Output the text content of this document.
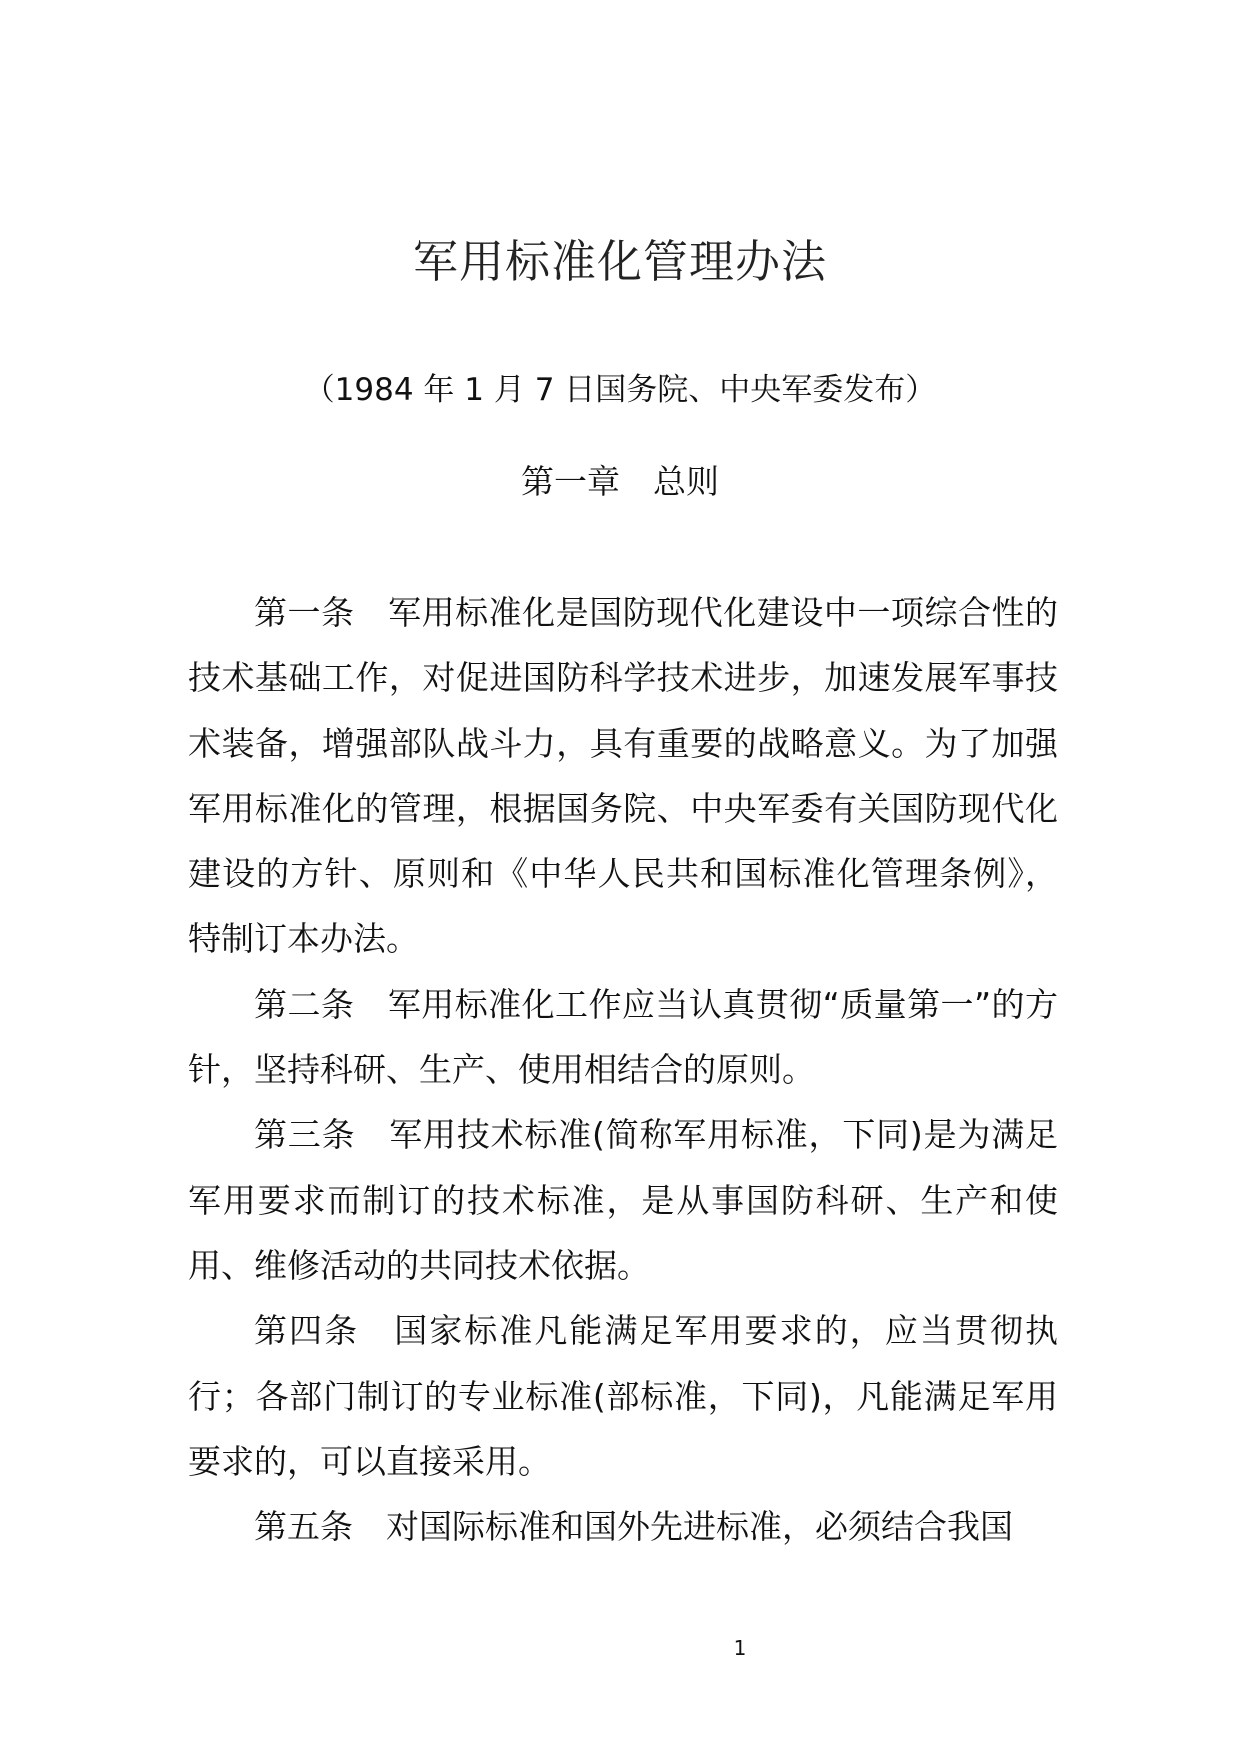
军用标准化管理办法
（1984 年 1 月 7 日国务院、中央军委发布）
第一章　总则

第一条　军用标准化是国防现代化建设中一项综合性的技术基础工作，对促进国防科学技术进步，加速发展军事技术装备，增强部队战斗力，具有重要的战略意义。为了加强军用标准化的管理，根据国务院、中央军委有关国防现代化建设的方针、原则和《中华人民共和国标准化管理条例》，特制订本办法。

第二条　军用标准化工作应当认真贯彻“质量第一”的方针，坚持科研、生产、使用相结合的原则。

第三条　军用技术标准(简称军用标准，下同)是为满足军用要求而制订的技术标准，是从事国防科研、生产和使用、维修活动的共同技术依据。

第四条　国家标准凡能满足军用要求的，应当贯彻执行；各部门制订的专业标准(部标准，下同)，凡能满足军用要求的，可以直接采用。

第五条　对国际标准和国外先进标准，必须结合我国

1
